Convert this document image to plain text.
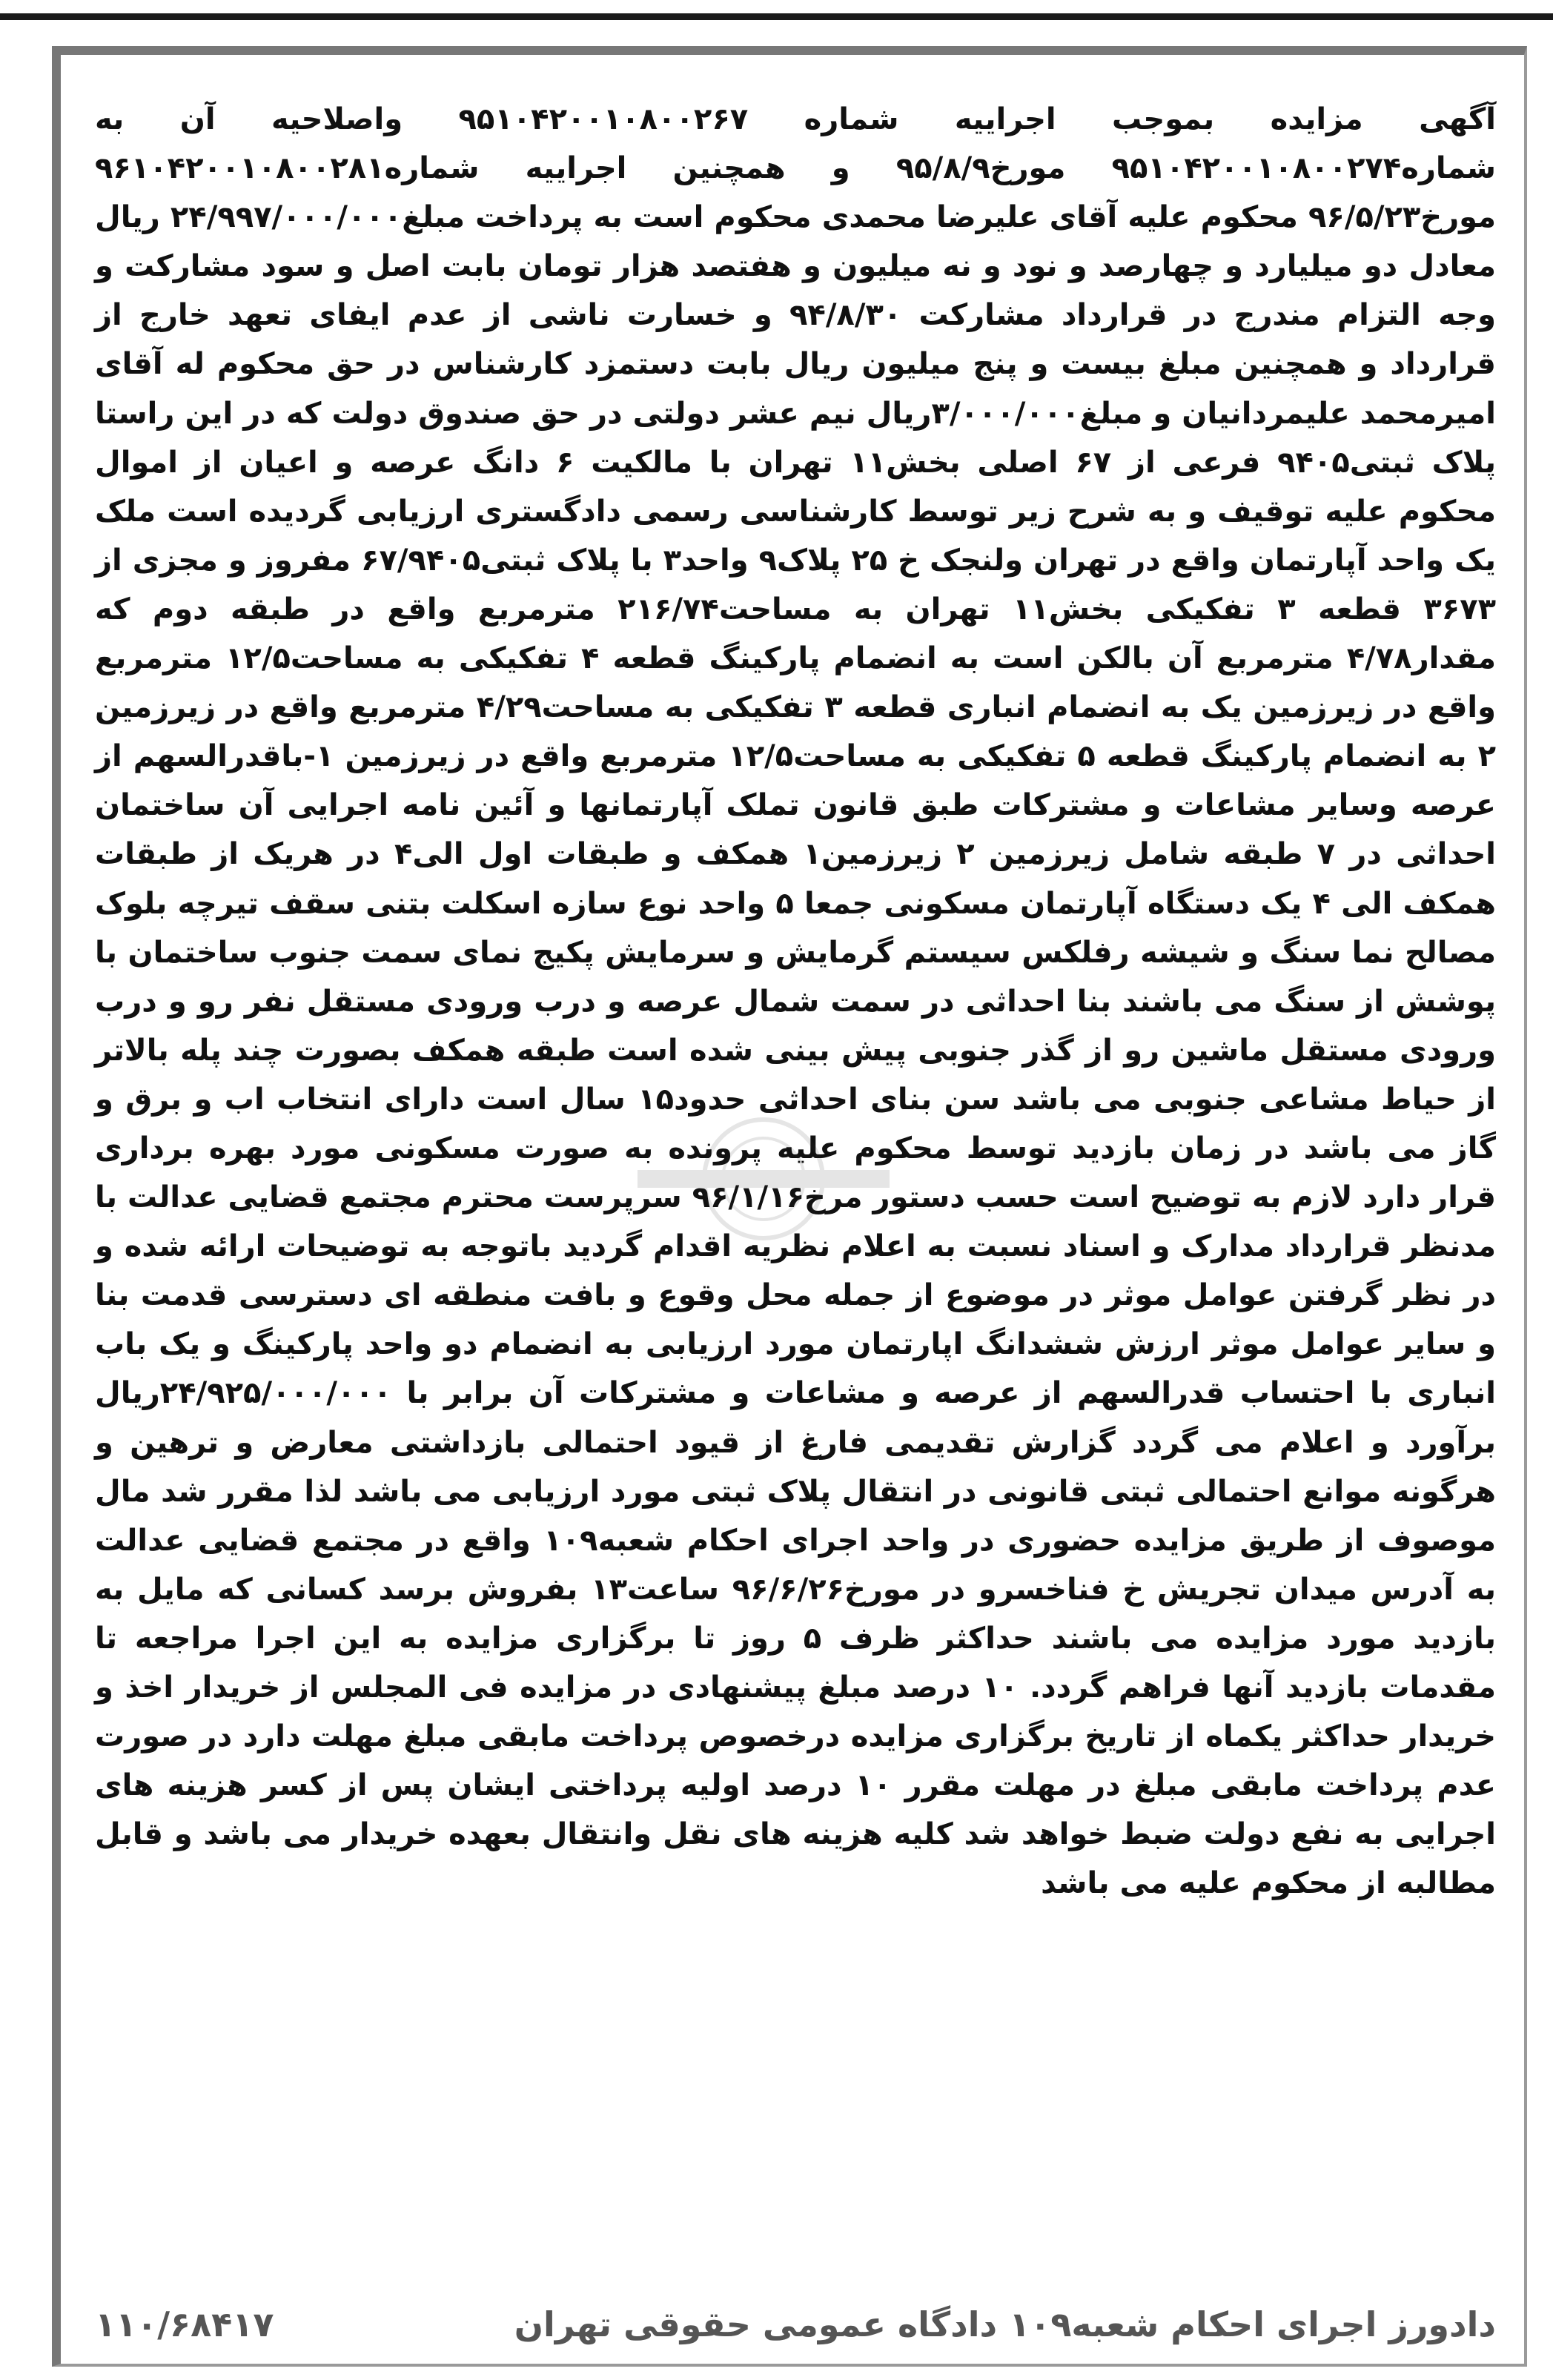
آگهی مزایده بموجب اجراییه شماره ۹۵۱۰۴۲۰۰۱۰۸۰۰۲۶۷ واصلاحیه آن به شماره۹۵۱۰۴۲۰۰۱۰۸۰۰۲۷۴ مورخ۹۵/۸/۹ و همچنین اجراییه شماره۹۶۱۰۴۲۰۰۱۰۸۰۰۲۸۱ مورخ۹۶/۵/۲۳ محکوم علیه آقای علیرضا محمدی محکوم است به پرداخت مبلغ۲۴/۹۹۷/۰۰۰/۰۰۰ ریال معادل دو میلیارد و چهارصد و نود و نه میلیون و هفتصد هزار تومان بابت اصل و سود مشارکت و وجه التزام مندرج در قرارداد مشارکت ۹۴/۸/۳۰ و خسارت ناشی از عدم ایفای تعهد خارج از قرارداد و همچنین مبلغ بیست و پنج میلیون ریال بابت دستمزد کارشناس در حق محکوم له آقای امیرمحمد علیمردانیان و مبلغ۳/۰۰۰/۰۰۰ریال نیم عشر دولتی در حق صندوق دولت که در این راستا پلاک ثبتی۹۴۰۵ فرعی از ۶۷ اصلی بخش۱۱ تهران با مالکیت ۶ دانگ عرصه و اعیان از اموال محکوم علیه توقیف و به شرح زیر توسط کارشناسی رسمی دادگستری ارزیابی گردیده است ملک یک واحد آپارتمان واقع در تهران ولنجک خ ۲۵ پلاک۹ واحد۳ با پلاک ثبتی۶۷/۹۴۰۵ مفروز و مجزی از ۳۶۷۳ قطعه ۳ تفکیکی بخش۱۱ تهران به مساحت۲۱۶/۷۴ مترمربع واقع در طبقه دوم که مقدار۴/۷۸ مترمربع آن بالکن است به انضمام پارکینگ قطعه ۴ تفکیکی به مساحت۱۲/۵ مترمربع واقع در زیرزمین یک به انضمام انباری قطعه ۳ تفکیکی به مساحت۴/۲۹ مترمربع واقع در زیرزمین ۲ به انضمام پارکینگ قطعه ۵ تفکیکی به مساحت۱۲/۵ مترمربع واقع در زیرزمین ۱-باقدرالسهم از عرصه وسایر مشاعات و مشترکات طبق قانون تملک آپارتمانها و آئین نامه اجرایی آن ساختمان احداثی در ۷ طبقه شامل زیرزمین ۲ زیرزمین۱ همکف و طبقات اول الی۴ در هریک از طبقات همکف الی ۴ یک دستگاه آپارتمان مسکونی جمعا ۵ واحد نوع سازه اسکلت بتنی سقف تیرچه بلوک مصالح نما سنگ و شیشه رفلکس سیستم گرمایش و سرمایش پکیج نمای سمت جنوب ساختمان با پوشش از سنگ می باشند بنا احداثی در سمت شمال عرصه و درب ورودی مستقل نفر رو و درب ورودی مستقل ماشین رو از گذر جنوبی پیش بینی شده است طبقه همکف بصورت چند پله بالاتر از حیاط مشاعی جنوبی می باشد سن بنای احداثی حدود۱۵ سال است دارای انتخاب اب و برق و گاز می باشد در زمان بازدید توسط محکوم علیه پرونده به صورت مسکونی مورد بهره برداری قرار دارد لازم به توضیح است حسب دستور مرخ۹۶/۱/۱۶ سرپرست محترم مجتمع قضایی عدالت با مدنظر قرارداد مدارک و اسناد نسبت به اعلام نظریه اقدام گردید باتوجه به توضیحات ارائه شده و در نظر گرفتن عوامل موثر در موضوع از جمله محل وقوع و بافت منطقه ای دسترسی قدمت بنا و سایر عوامل موثر ارزش ششدانگ اپارتمان مورد ارزیابی به انضمام دو واحد پارکینگ و یک باب انباری با احتساب قدرالسهم از عرصه و مشاعات و مشترکات آن برابر با ۲۴/۹۲۵/۰۰۰/۰۰۰ریال برآورد و اعلام می گردد گزارش تقدیمی فارغ از قیود احتمالی بازداشتی معارض و ترهین و هرگونه موانع احتمالی ثبتی قانونی در انتقال پلاک ثبتی مورد ارزیابی می باشد لذا مقرر شد مال موصوف از طریق مزایده حضوری در واحد اجرای احکام شعبه۱۰۹ واقع در مجتمع قضایی عدالت به آدرس میدان تجریش خ فناخسرو در مورخ۹۶/۶/۲۶ ساعت۱۳ بفروش برسد کسانی که مایل به بازدید مورد مزایده می باشند حداکثر ظرف ۵ روز تا برگزاری مزایده به این اجرا مراجعه تا مقدمات بازدید آنها فراهم گردد. ۱۰ درصد مبلغ پیشنهادی در مزایده فی المجلس از خریدار اخذ و خریدار حداکثر یکماه از تاریخ برگزاری مزایده درخصوص پرداخت مابقی مبلغ مهلت دارد در صورت عدم پرداخت مابقی مبلغ در مهلت مقرر ۱۰ درصد اولیه پرداختی ایشان پس از کسر هزینه های اجرایی به نفع دولت ضبط خواهد شد کلیه هزینه های نقل وانتقال بعهده خریدار می باشد و قابل مطالبه از محکوم علیه می باشد

۱۱۰/۶۸۴۱۷	دادورز اجرای احکام شعبه۱۰۹ دادگاه عمومی حقوقی تهران
